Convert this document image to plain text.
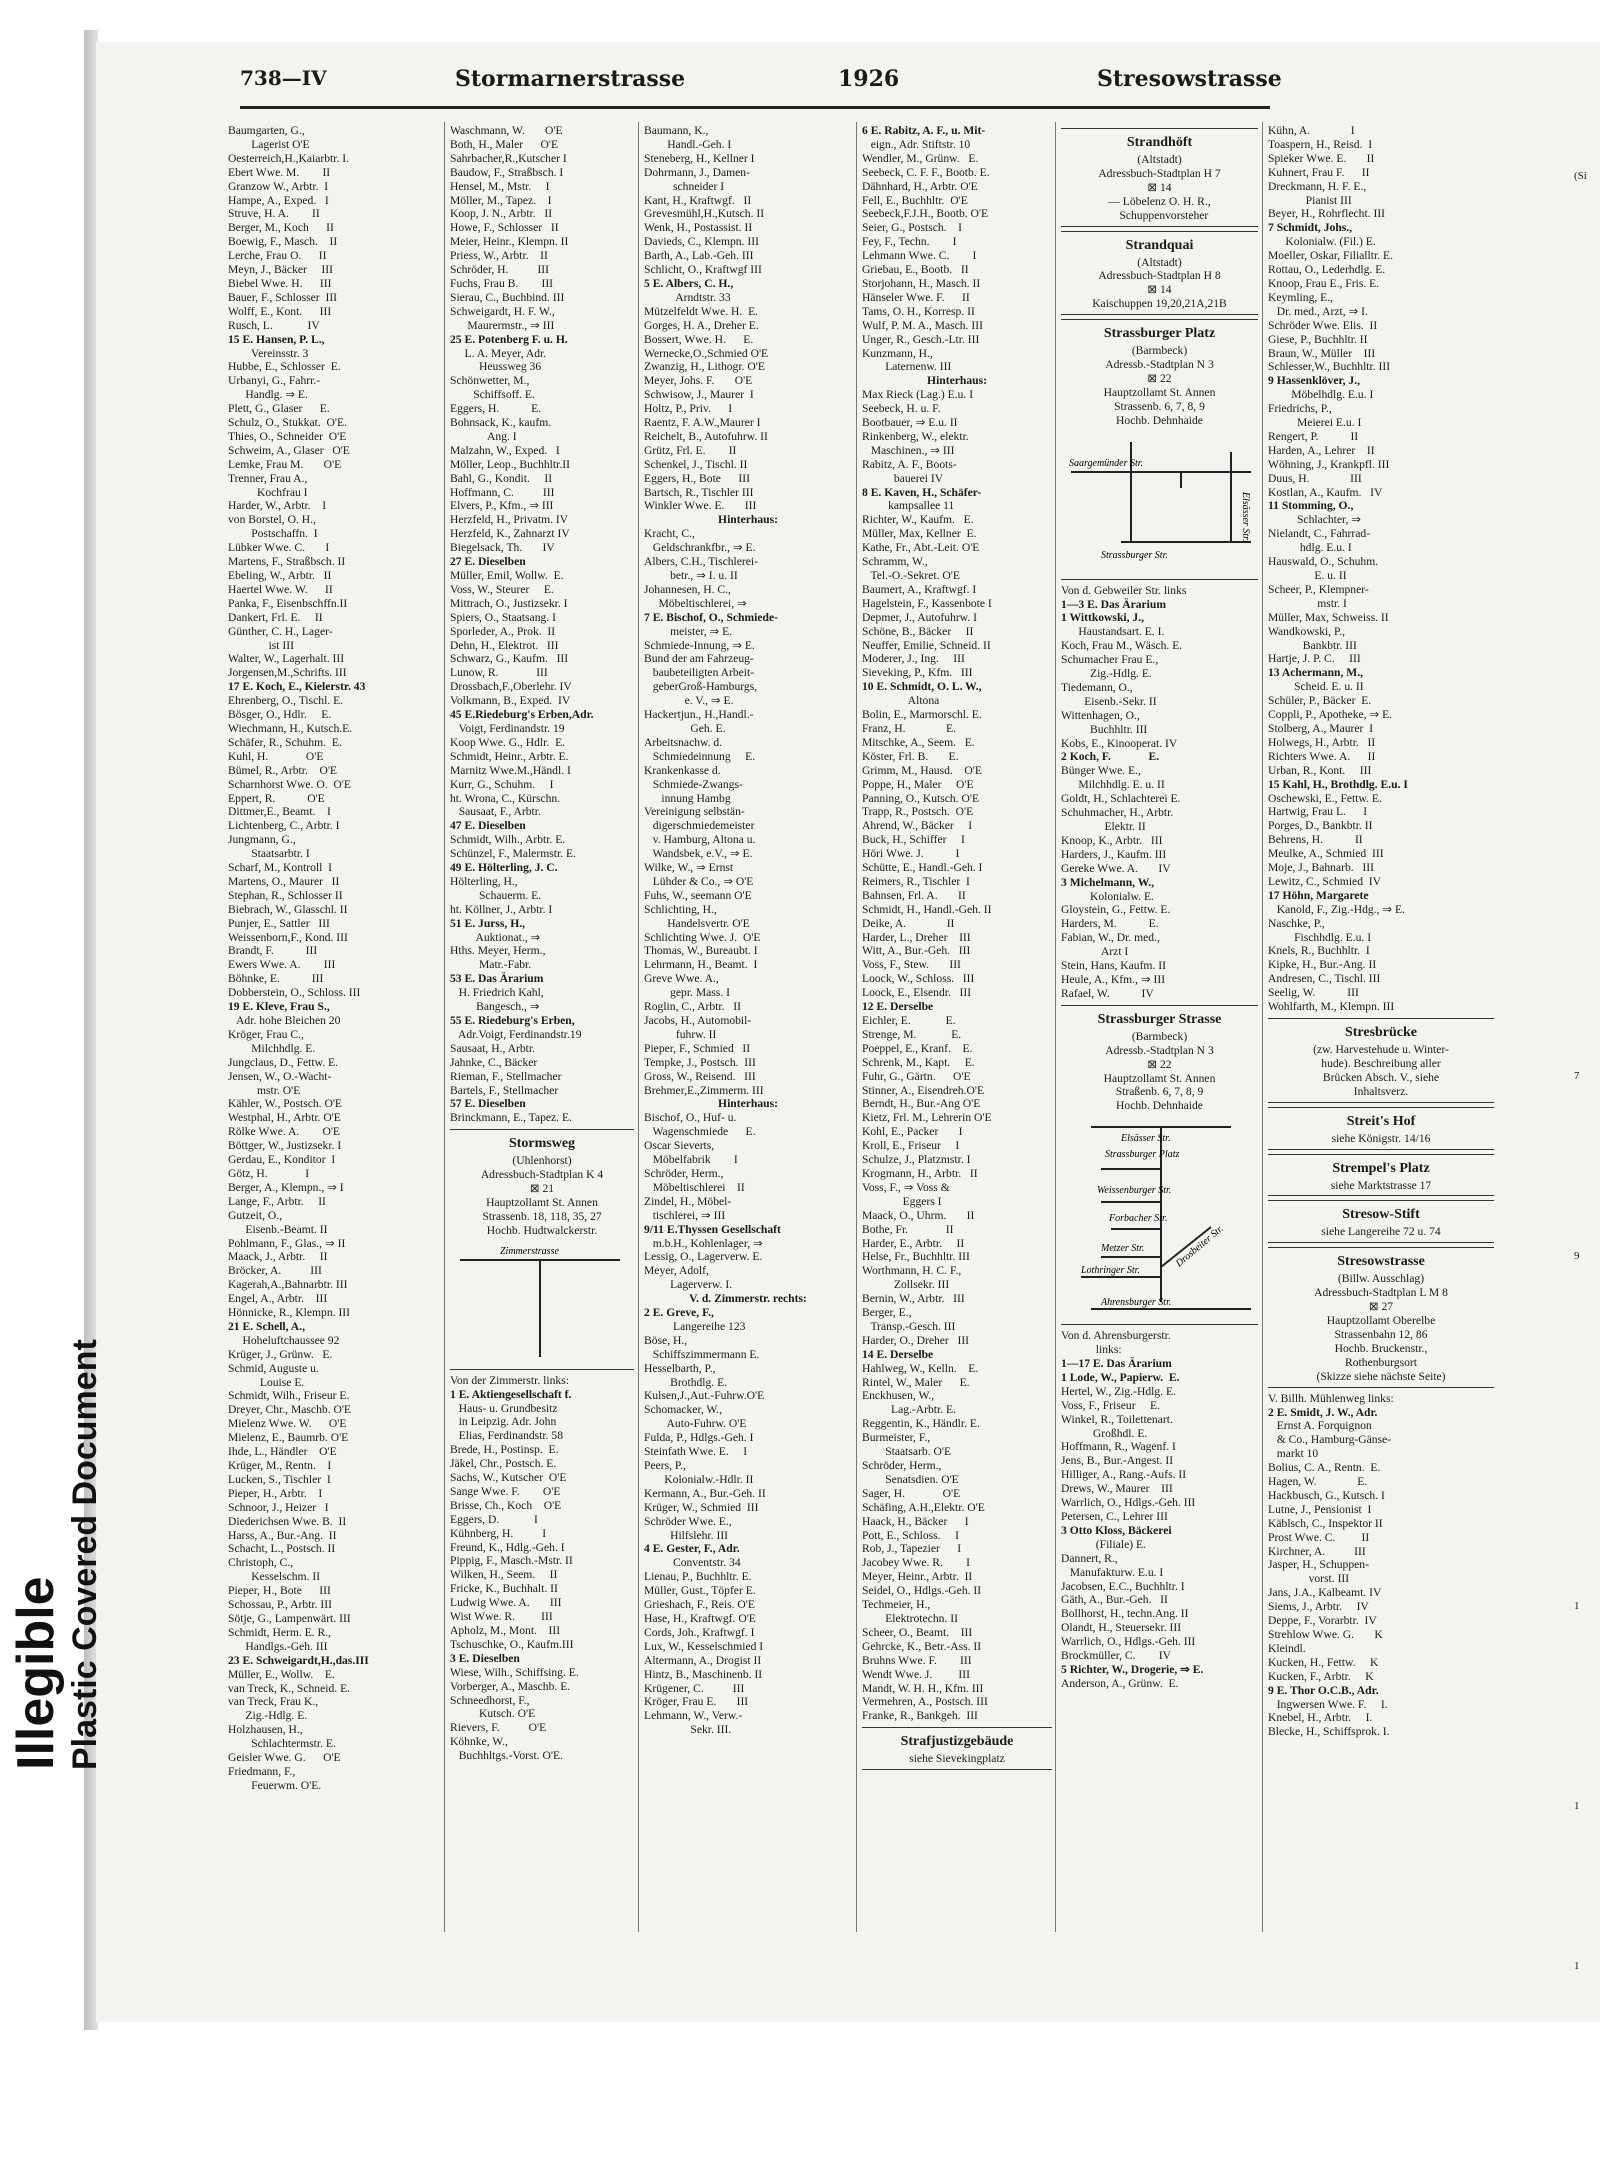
Illegible Plastic Covered Document
738—IV	Stormarnerstrasse	1926	Stresowstrasse
Baumgarten, G.,
Lagerist O'E
Oesterreich,H.,Kaiarbtr. I.
Ebert Wwe. M.        II
Granzow W., Arbtr.  I
Hampe, A., Exped.   I
Struve, H. A.        II
Berger, M., Koch      II
Boewig, F., Masch.    II
Lerche, Frau O.      II
Meyn, J., Bäcker     III
Biebel Wwe. H.      III
Bauer, F., Schlosser  III
Wolff, E., Kont.      III
Rusch, L.            IV
15 E. Hansen, P. L.,
Vereinsstr. 3
Hubbe, E., Schlosser  E.
Urbanyi, G., Fahrr.-
Handlg. ⇒ E.
Plett, G., Glaser      E.
Schulz, O., Stukkat.  O'E.
Thies, O., Schneider  O'E
Schweim, A., Glaser   O'E
Lemke, Frau M.       O'E
Trenner, Frau A.,
Kochfrau I
Harder, W., Arbtr.    I
von Borstel, O. H.,
Postschaffn.  I
Lübker Wwe. C.       I
Martens, F., Straßbsch. II
Ebeling, W., Arbtr.   II
Haertel Wwe. W.      II
Panka, F., Eisenbschffn.II
Dankert, Frl. E.     II
Günther, C. H., Lager-
ist III
Walter, W., Lagerhalt. III
Jorgensen,M.,Schrifts. III
17 E. Koch, E., Kielerstr. 43
Ehrenberg, O., Tischl. E.
Bösger, O., Hdlr.     E.
Wiechmann, H., Kutsch.E.
Schäfer, R., Schuhm.  E.
Kuhl, H.             O'E
Bümel, R., Arbtr.    O'E
Scharnhorst Wwe. O.  O'E
Eppert, R.           O'E
Dittmer,E., Beamt.    I
Lichtenberg, C., Arbtr. I
Jungmann, G.,
Staatsarbtr. I
Scharf, M., Kontroll  I
Martens, O., Maurer   II
Stephan, R., Schlosser II
Biebrach, W., Glasschl. II
Punjer, E., Sattler   III
Weissenborn,F., Kond. III
Brandt, F.           III
Ewers Wwe. A.        III
Böhnke, E.           III
Dobberstein, O., Schloss. III
19 E. Kleve, Frau S.,
Adr. hohe Bleichen 20
Kröger, Frau C.,
Milchhdlg. E.
Jungclaus, D., Fettw. E.
Jensen, W., O.-Wacht-
mstr. O'E
Kähler, W., Postsch. O'E
Westphal, H., Arbtr. O'E
Rölke Wwe. A.        O'E
Böttger, W., Justizsekr. I
Gerdau, E., Konditor  I
Götz, H.             I
Berger, A., Klempn., ⇒ I
Lange, F., Arbtr.     II
Gutzeit, O.,
Eisenb.-Beamt. II
Pohlmann, F., Glas., ⇒ II
Maack, J., Arbtr.     II
Bröcker, A.          III
Kagerah,A.,Bahnarbtr. III
Engel, A., Arbtr.    III
Hönnicke, R., Klempn. III
21 E. Schell, A.,
Hoheluftchaussee 92
Krüger, J., Grünw.   E.
Schmid, Auguste u.
Louise E.
Schmidt, Wilh., Friseur E.
Dreyer, Chr., Maschb. O'E
Mielenz Wwe. W.      O'E
Mielenz, E., Baumrb. O'E
Ihde, L., Händler    O'E
Krüger, M., Rentn.    I
Lucken, S., Tischler  I
Pieper, H., Arbtr.    I
Schnoor, J., Heizer   I
Diederichsen Wwe. B.  II
Harss, A., Bur.-Ang.  II
Schacht, L., Postsch. II
Christoph, C.,
Kesselschm. II
Pieper, H., Bote      III
Schossau, P., Arbtr. III
Sötje, G., Lampenwärt. III
Schmidt, Herm. E. R.,
Handlgs.-Geh. III
23 E. Schweigardt,H.,das.III
Müller, E., Wollw.    E.
van Treck, K., Schneid. E.
van Treck, Frau K.,
Zig.-Hdlg. E.
Holzhausen, H.,
Schlachtermstr. E.
Geisler Wwe. G.      O'E
Friedmann, F.,
Feuerwm. O'E.
Waschmann, W.       O'E
Both, H., Maler      O'E
Sahrbacher,R.,Kutscher I
Baudow, F., Straßbsch. I
Hensel, M., Mstr.     I
Möller, M., Tapez.    I
Koop, J. N., Arbtr.   II
Howe, F., Schlosser   II
Meier, Heinr., Klempn. II
Priess, W., Arbtr.    II
Schröder, H.          III
Fuchs, Frau B.        III
Sierau, C., Buchbind. III
Schweigardt, H. F. W.,
Maurermstr., ⇒ III
25 E. Potenberg F. u. H.
L. A. Meyer, Adr.
Heussweg 36
Schönwetter, M.,
Schiffsoff. E.
Eggers, H.           E.
Bohnsack, K., kaufm.
Ang. I
Malzahn, W., Exped.   I
Möller, Leop., Buchhltr.II
Bahl, G., Kondit.     II
Hoffmann, C.          III
Elvers, P., Kfm., ⇒ III
Herzfeld, H., Privatm. IV
Herzfeld, K., Zahnarzt IV
Biegelsack, Th.       IV
27 E. Dieselben
Müller, Emil, Wollw.  E.
Voss, W., Steurer     E.
Mittrach, O., Justizsekr. I
Spiers, O., Staatsang. I
Sporleder, A., Prok.  II
Dehn, H., Elektrot.   III
Schwarz, G., Kaufm.   III
Lunow, R.             III
Drossbach,F.,Oberlehr. IV
Volkmann, B., Exped.  IV
45 E.Riedeburg's Erben,Adr.
Voigt, Ferdinandstr. 19
Koop Wwe. G., Hdlr.  E.
Schmidt, Heinr., Arbtr. E.
Marnitz Wwe.M.,Händl. I
Kurr, G., Schuhm.     I
ht. Wrona, C., Kürschn.
Sausaat, F., Arbtr.
47 E. Dieselben
Schmidt, Wilh., Arbtr. E.
Schünzel, F., Malermstr. E.
49 E. Hölterling, J. C.
Hölterling, H.,
Schauerm. E.
ht. Köllner, J., Arbtr. I
51 E. Jurss, H.,
Auktionat., ⇒
Hths. Meyer, Herm.,
Matr.-Fabr.
53 E. Das Ärarium
H. Friedrich Kahl,
Bangesch., ⇒
55 E. Riedeburg's Erben,
Adr.Voigt, Ferdinandstr.19
Sausaat, H., Arbtr.
Jahnke, C., Bäcker
Rieman, F., Stellmacher
Bartels, F., Stellmacher
57 E. Dieselben
Brinckmann, E., Tapez. E.
Stormsweg
(Uhlenhorst)
Adressbuch-Stadtplan K 4
⊠ 21
Hauptzollamt St. Annen
Strassenb. 18, 118, 35, 27
Hochb. Hudtwalckerstr.
Zimmerstrasse
Von der Zimmerstr. links:
1 E. Aktiengesellschaft f.
Haus- u. Grundbesitz
in Leipzig. Adr. John
Elias, Ferdinandstr. 58
Brede, H., Postinsp.  E.
Jäkel, Chr., Postsch. E.
Sachs, W., Kutscher  O'E
Sange Wwe. F.        O'E
Brisse, Ch., Koch    O'E
Eggers, D.            I
Kühnberg, H.          I
Freund, K., Hdlg.-Geh. I
Pippig, F., Masch.-Mstr. II
Wilken, H., Seem.     II
Fricke, K., Buchhalt. II
Ludwig Wwe. A.       III
Wist Wwe. R.         III
Apholz, M., Mont.    III
Tschuschke, O., Kaufm.III
3 E. Dieselben
Wiese, Wilh., Schiffsing. E.
Vorberger, A., Maschb. E.
Schneedhorst, F.,
Kutsch. O'E
Rievers, F.          O'E
Köhnke, W.,
Buchhltgs.-Vorst. O'E.
Baumann, K.,
Handl.-Geh. I
Steneberg, H., Kellner I
Dohrmann, J., Damen-
schneider I
Kant, H., Kraftwgf.   II
Grevesmühl,H.,Kutsch. II
Wenk, H., Postassist. II
Davieds, C., Klempn. III
Barth, A., Lab.-Geh. III
Schlicht, O., Kraftwgf III
5 E. Albers, C. H.,
Arndtstr. 33
Mützelfeldt Wwe. H.  E.
Gorges, H. A., Dreher E.
Bossert, Wwe. H.      E.
Wernecke,O.,Schmied O'E
Zwanzig, H., Lithogr. O'E
Meyer, Johs. F.       O'E
Schwisow, J., Maurer  I
Holtz, P., Priv.      I
Raentz, F. A.W.,Maurer I
Reichelt, B., Autofuhrw. II
Grütz, Frl. E.        II
Schenkel, J., Tischl. II
Eggers, H., Bote      III
Bartsch, R., Tischler III
Winkler Wwe. E.       III
Hinterhaus:
Kracht, C.,
Geldschrankfbr., ⇒ E.
Albers, C.H., Tischlerei-
betr., ⇒ I. u. II
Johannesen, H. C.,
Möbeltischlerei, ⇒
7 E. Bischof, O., Schmiede-
meister, ⇒ E.
Schmiede-Innung, ⇒ E.
Bund der am Fahrzeug-
baubeteiligten Arbeit-
geberGroß-Hamburgs,
e. V., ⇒ E.
Hackertjun., H.,Handl.-
Geh. E.
Arbeitsnachw. d.
Schmiedeinnung     E.
Krankenkasse d.
Schmiede-Zwangs-
innung Hambg
Vereinigung selbstän-
digerschmiedemeister
v. Hamburg, Altona u.
Wandsbek, e.V., ⇒ E.
Wilke, W., ⇒ Ernst
Lühder & Co., ⇒ O'E
Fuhs, W., seemann O'E
Schlichting, H.,
Handelsvertr. O'E
Schlichting Wwe. J.  O'E
Thomas, W., Bureaubt. I
Lehrmann, H., Beamt.  I
Greve Wwe. A.,
gepr. Mass. I
Roglin, C., Arbtr.   II
Jacobs, H., Automobil-
fuhrw. II
Pieper, F., Schmied   II
Tempke, J., Postsch.  III
Gross, W., Reisend.   III
Brehmer,E.,Zimmerm. III
Hinterhaus:
Bischof, O., Huf- u.
Wagenschmiede      E.
Oscar Sieverts,
Möbelfabrik        I
Schröder, Herm.,
Möbeltischlerei    II
Zindel, H., Möbel-
tischlerei, ⇒ III
9/11 E.Thyssen Gesellschaft
m.b.H., Kohlenlager, ⇒
Lessig, O., Lagerverw. E.
Meyer, Adolf,
Lagerverw. I.
V. d. Zimmerstr. rechts:
2 E. Greve, F.,
Langereihe 123
Böse, H.,
Schiffszimmermann E.
Hesselbarth, P.,
Brothdlg. E.
Kulsen,J.,Aut.-Fuhrw.O'E
Schomacker, W.,
Auto-Fuhrw. O'E
Fulda, P., Hdlgs.-Geh. I
Steinfath Wwe. E.     I
Peers, P.,
Kolonialw.-Hdlr. II
Kermann, A., Bur.-Geh. II
Krüger, W., Schmied  III
Schröder Wwe. E.,
Hilfslehr. III
4 E. Gester, F., Adr.
Conventstr. 34
Lienau, P., Buchhltr. E.
Müller, Gust., Töpfer E.
Grieshach, F., Reis. O'E
Hase, H., Kraftwgf. O'E
Cords, Joh., Kraftwgf. I
Lux, W., Kesselschmied I
Altermann, A., Drogist II
Hintz, B., Maschinenb. II
Krügener, C.          III
Kröger, Frau E.       III
Lehmann, W., Verw.-
Sekr. III.
6 E. Rabitz, A. F., u. Mit-
eign., Adr. Stiftstr. 10
Wendler, M., Grünw.   E.
Seebeck, C. F. F., Bootb. E.
Dähnhard, H., Arbtr. O'E
Fell, E., Buchhltr.  O'E
Seebeck,F.J.H., Bootb. O'E
Seier, G., Postsch.    I
Fey, F., Techn.        I
Lehmann Wwe. C.        I
Griebau, E., Bootb.   II
Storjohann, H., Masch. II
Hänseler Wwe. F.      II
Tams, O. H., Korresp. II
Wulf, P. M. A., Masch. III
Unger, R., Gesch.-Ltr. III
Kunzmann, H.,
Laternenw. III
Hinterhaus:
Max Rieck (Lag.) E.u. I
Seebeck, H. u. F.
Bootbauer, ⇒ E.u. II
Rinkenberg, W., elektr.
Maschinen., ⇒ III
Rabitz, A. F., Boots-
bauerei IV
8 E. Kaven, H., Schäfer-
kampsallee 11
Richter, W., Kaufm.   E.
Müller, Max, Kellner  E.
Kathe, Fr., Abt.-Leit. O'E
Schramm, W.,
Tel.-O.-Sekret. O'E
Baumert, A., Kraftwgf. I
Hagelstein, F., Kassenbote I
Depmer, J., Autofuhrw. I
Schöne, B., Bäcker     II
Neuffer, Emilie, Schneid. II
Moderer, J., Ing.     III
Sieveking, P., Kfm.   III
10 E. Schmidt, O. L. W.,
Altona
Bolin, E., Marmorschl. E.
Franz, H.              E.
Mitschke, A., Seem.   E.
Köster, Frl. B.       E.
Grimm, M., Hausd.    O'E
Poppe, H., Maler     O'E
Panning, O., Kutsch. O'E
Trapp, R., Postsch.  O'E
Ahrend, W., Bäcker     I
Buck, H., Schiffer     I
Höri Wwe. J.           I
Schütte, E., Handl.-Geh. I
Reimers, R., Tischler  I
Bahnsen, Frl. A.       II
Schmidt, H., Handl.-Geh. II
Deike, A.              II
Harder, L., Dreher    III
Witt, A., Bur.-Geh.   III
Voss, F., Stew.       III
Loock, W., Schloss.   III
Loock, E., Elsendr.   III
12 E. Derselbe
Eichler, E.            E.
Strenge, M.            E.
Poeppel, E., Kranf.    E.
Schrenk, M., Kapt.     E.
Fuhr, G., Gärtn.      O'E
Stinner, A., Eisendreh.O'E
Berndt, H., Bur.-Ang O'E
Kietz, Frl. M., Lehrerin O'E
Kohl, E., Packer       I
Kroll, E., Friseur     I
Schulze, J., Platzmstr. I
Krogmann, H., Arbtr.   II
Voss, F., ⇒ Voss &
Eggers I
Maack, O., Uhrm.       II
Bothe, Fr.             II
Harder, E., Arbtr.     II
Helse, Fr., Buchhltr. III
Worthmann, H. C. F.,
Zollsekr. III
Bernin, W., Arbtr.   III
Berger, E.,
Transp.-Gesch. III
Harder, O., Dreher   III
14 E. Derselbe
Hahlweg, W., Kelln.    E.
Rintel, W., Maler      E.
Enckhusen, W.,
Lag.-Arbtr. E.
Reggentin, K., Händlr. E.
Burmeister, F.,
Staatsarb. O'E
Schröder, Herm.,
Senatsdien. O'E
Sager, H.             O'E
Schäfing, A.H.,Elektr. O'E
Haack, H., Bäcker      I
Pott, E., Schloss.     I
Rob, J., Tapezier      I
Jacobey Wwe. R.        I
Meyer, Heinr., Arbtr.  II
Seidel, O., Hdlgs.-Geh. II
Techmeier, H.,
Elektrotechn. II
Scheer, O., Beamt.    III
Gehrcke, K., Betr.-Ass. II
Bruhns Wwe. F.        III
Wendt Wwe. J.         III
Mandt, W. H. H., Kfm. III
Vermehren, A., Postsch. III
Franke, R., Bankgeh.  III
Strafjustizgebäude
siehe Sievekingplatz
Strandhöft
(Altstadt)
Adressbuch-Stadtplan H 7
⊠ 14
— Löbelenz O. H. R.,
Schuppenvorsteher
Strandquai
(Altstadt)
Adressbuch-Stadtplan H 8
⊠ 14
Kaischuppen 19,20,21A,21B
Strassburger Platz
(Barmbeck)
Adressb.-Stadtplan N 3
⊠ 22
Hauptzollamt St. Annen
Strassenb. 6, 7, 8, 9
Hochb. Dehnhaide
Saargemünder Str.
Strassburger Str.
Elsässer Str.
Von d. Gebweiler Str. links
1—3 E. Das Ärarium
1 Wittkowski, J.,
Haustandsart. E. I.
Koch, Frau M., Wäsch. E.
Schumacher Frau E.,
Zig.-Hdlg. E.
Tiedemann, O.,
Eisenb.-Sekr. II
Wittenhagen, O.,
Buchhltr. III
Kobs, E., Kinooperat. IV
2 Koch, F.             E.
Bünger Wwe. E.,
Milchhdlg. E. u. II
Goldt, H., Schlachterei E.
Schuhmacher, H., Arbtr.
Elektr. II
Knoop, K., Arbtr.   III
Harders, J., Kaufm. III
Gereke Wwe. A.       IV
3 Michelmann, W.,
Kolonialw. E.
Gloystein, G., Fettw. E.
Harders, M.           E.
Fabian, W., Dr. med.,
Arzt I
Stein, Hans, Kaufm. II
Heule, A., Kfm., ⇒ III
Rafael, W.           IV
Strassburger Strasse
(Barmbeck)
Adressb.-Stadtplan N 3
⊠ 22
Hauptzollamt St. Annen
Straßenb. 6, 7, 8, 9
Hochb. Dehnhaide
Elsässer Str.
Strassburger Platz
Weissenburger Str.
Forbacher Str.
Metzer Str.
Lothringer Str.
Drosbeiter Str.
Ahrensburger Str.
Von d. Ahrensburgerstr.
links:
1—17 E. Das Ärarium
1 Lode, W., Papierw.  E.
Hertel, W., Zig.-Hdlg. E.
Voss, F., Friseur     E.
Winkel, R., Toilettenart.
Großhdl. E.
Hoffmann, R., Wagenf. I
Jens, B., Bur.-Angest. II
Hilliger, A., Rang.-Aufs. II
Drews, W., Maurer    III
Warrlich, O., Hdlgs.-Geh. III
Petersen, C., Lehrer III
3 Otto Kloss, Bäckerei
(Filiale) E.
Dannert, R.,
Manufakturw. E.u. I
Jacobsen, E.C., Buchhltr. I
Gäth, A., Bur.-Geh.   II
Bollhorst, H., techn.Ang. II
Olandt, H., Steuersekr. III
Warrlich, O., Hdlgs.-Geh. III
Brockmüller, C.        IV
5 Richter, W., Drogerie, ⇒ E.
Anderson, A., Grünw.  E.
Kühn, A.              I
Toaspern, H., Reisd.  I
Spieker Wwe. E.       II
Kuhnert, Frau F.      II
Dreckmann, H. F. E.,
Pianist III
Beyer, H., Rohrflecht. III
7 Schmidt, Johs.,
Kolonialw. (Fil.) E.
Moeller, Oskar, Filialltr. E.
Rottau, O., Lederhdlg. E.
Knoop, Frau E., Fris. E.
Keymling, E.,
Dr. med., Arzt, ⇒ I.
Schröder Wwe. Elis.  II
Giese, P., Buchhltr. II
Braun, W., Müller    III
Schlesser,W., Buchhltr. III
9 Hassenklöver, J.,
Möbelhdlg. E.u. I
Friedrichs, P.,
Meierei E.u. I
Rengert, P.           II
Harden, A., Lehrer    II
Wöhning, J., Krankpfl. III
Duus, H.              III
Kostlan, A., Kaufm.   IV
11 Stomming, O.,
Schlachter, ⇒
Nielandt, C., Fahrrad-
hdlg. E.u. I
Hauswald, O., Schuhm.
E. u. II
Scheer, P., Klempner-
mstr. I
Müller, Max, Schweiss. II
Wandkowski, P.,
Bankbtr. III
Hartje, J. P. C.     III
13 Achermann, M.,
Scheid. E. u. II
Schüler, P., Bäcker  E.
Coppli, P., Apotheke, ⇒ E.
Stolberg, A., Maurer  I
Holwegs, H., Arbtr.   II
Richters Wwe. A.      II
Urban, R., Kont.     III
15 Kahl, H., Brothdlg. E.u. I
Oschewski, E., Fettw. E.
Hartwig, Frau L.      I
Porges, D., Bankbtr. II
Behrens, H.           II
Meulke, A., Schmied  III
Moje, J., Bahnarb.   III
Lewitz, C., Schmied  IV
17 Höhn, Margarete
Kanold, F., Zig.-Hdg., ⇒ E.
Naschke, P.,
Fischhdlg. E.u. I
Knels, R., Buchhltr.  I
Kipke, H., Bur.-Ang. II
Andresen, C., Tischl. III
Seelig, W.           III
Wohlfarth, M., Klempn. III
Stresbrücke
(zw. Harvestehude u. Winter-
hude). Beschreibung aller
Brücken Absch. V., siehe
Inhaltsverz.
Streit's Hof
siehe Königstr. 14/16
Strempel's Platz
siehe Marktstrasse 17
Stresow-Stift
siehe Langereihe 72 u. 74
Stresowstrasse
(Billw. Ausschlag)
Adressbuch-Stadtplan L M 8
⊠ 27
Hauptzollamt Oberelbe
Strassenbahn 12, 86
Hochb. Bruckenstr.,
Rothenburgsort
(Skizze siehe nächste Seite)
V. Billh. Mühlenweg links:
2 E. Smidt, J. W., Adr.
Ernst A. Forquignon
& Co., Hamburg-Gänse-
markt 10
Bolius, C. A., Rentn.  E.
Hagen, W.              E.
Hackbusch, G., Kutsch. I
Lutne, J., Pensionist  I
Käblsch, C., Inspektor II
Prost Wwe. C.         II
Kirchner, A.          III
Jasper, H., Schuppen-
vorst. III
Jans, J.A., Kalbeamt. IV
Siems, J., Arbtr.     IV
Deppe, F., Vorarbtr.  IV
Strehlow Wwe. G.       K
Kleindl.
Kucken, H., Fettw.     K
Kucken, F., Arbtr.     K
9 E. Thor O.C.B., Adr.
Ingwersen Wwe. F.     I.
Knebel, H., Arbtr.     I.
Blecke, H., Schiffsprok. I.
(Si
7
9
1
1
1
